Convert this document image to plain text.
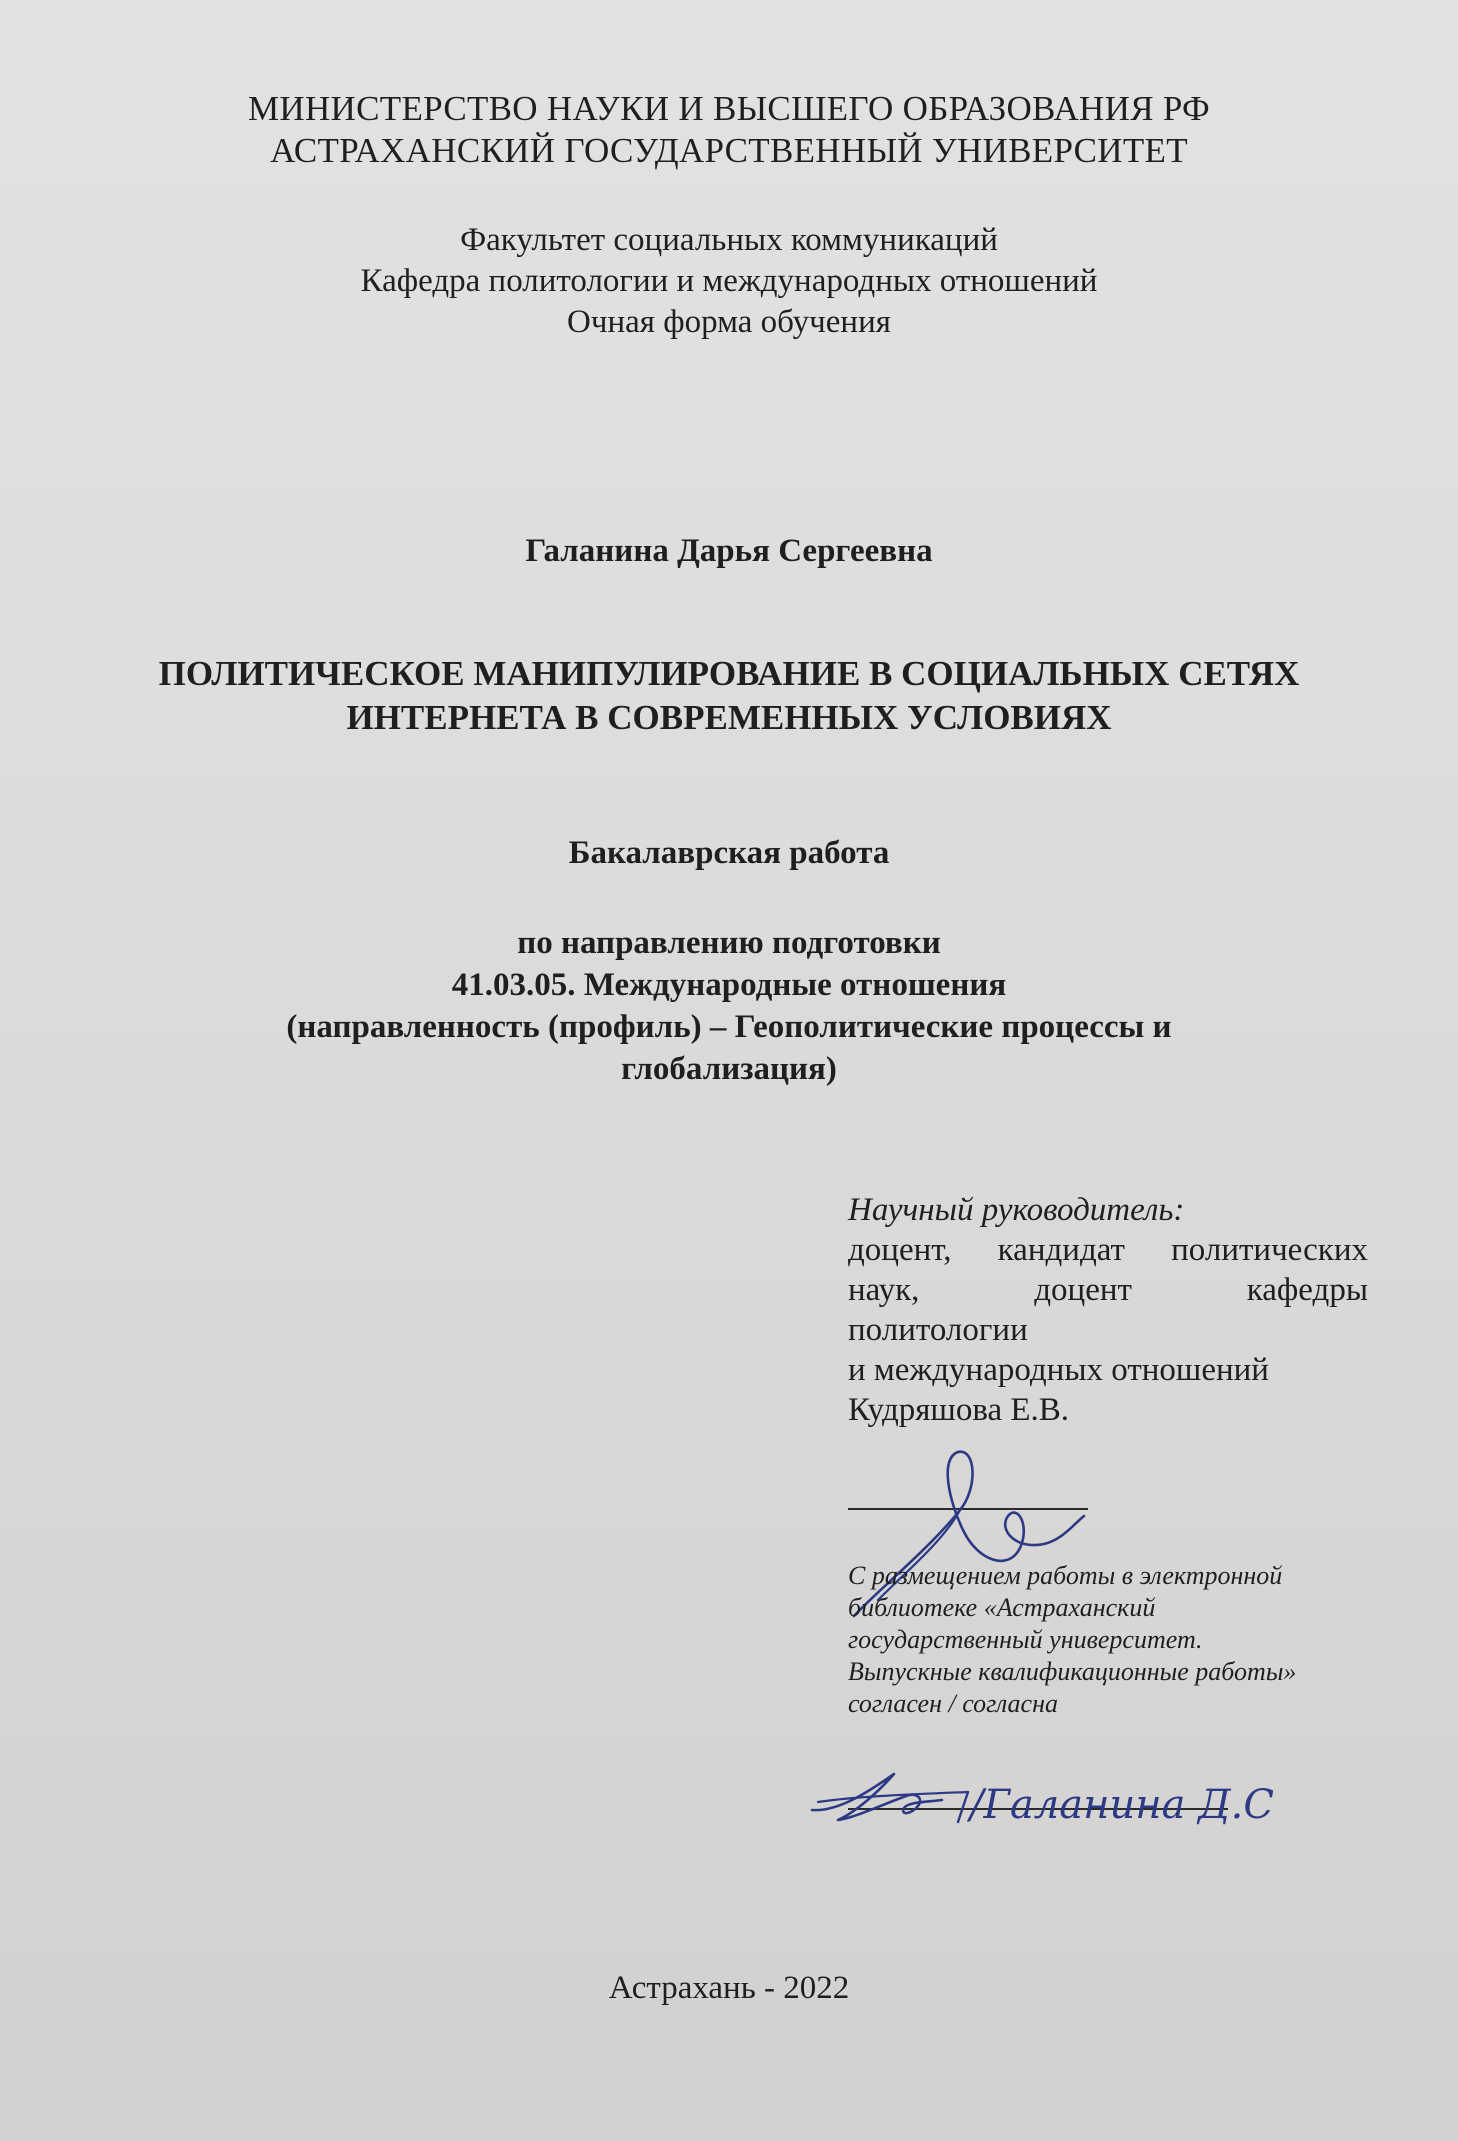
МИНИСТЕРСТВО НАУКИ И ВЫСШЕГО ОБРАЗОВАНИЯ РФ
АСТРАХАНСКИЙ ГОСУДАРСТВЕННЫЙ УНИВЕРСИТЕТ
Факультет социальных коммуникаций
Кафедра политологии и международных отношений
Очная форма обучения
Галанина Дарья Сергеевна
ПОЛИТИЧЕСКОЕ МАНИПУЛИРОВАНИЕ В СОЦИАЛЬНЫХ СЕТЯХ
ИНТЕРНЕТА В СОВРЕМЕННЫХ УСЛОВИЯХ
Бакалаврская работа
по направлению подготовки
41.03.05. Международные отношения
(направленность (профиль) – Геополитические процессы и
глобализация)
Научный руководитель:
доцент, кандидат политических
наук, доцент кафедры
политологии
и международных отношений
Кудряшова Е.В.
С размещением работы в электронной
библиотеке «Астраханский
государственный университет.
Выпускные квалификационные работы»
согласен / согласна
/Галанина Д.С
Астрахань - 2022
